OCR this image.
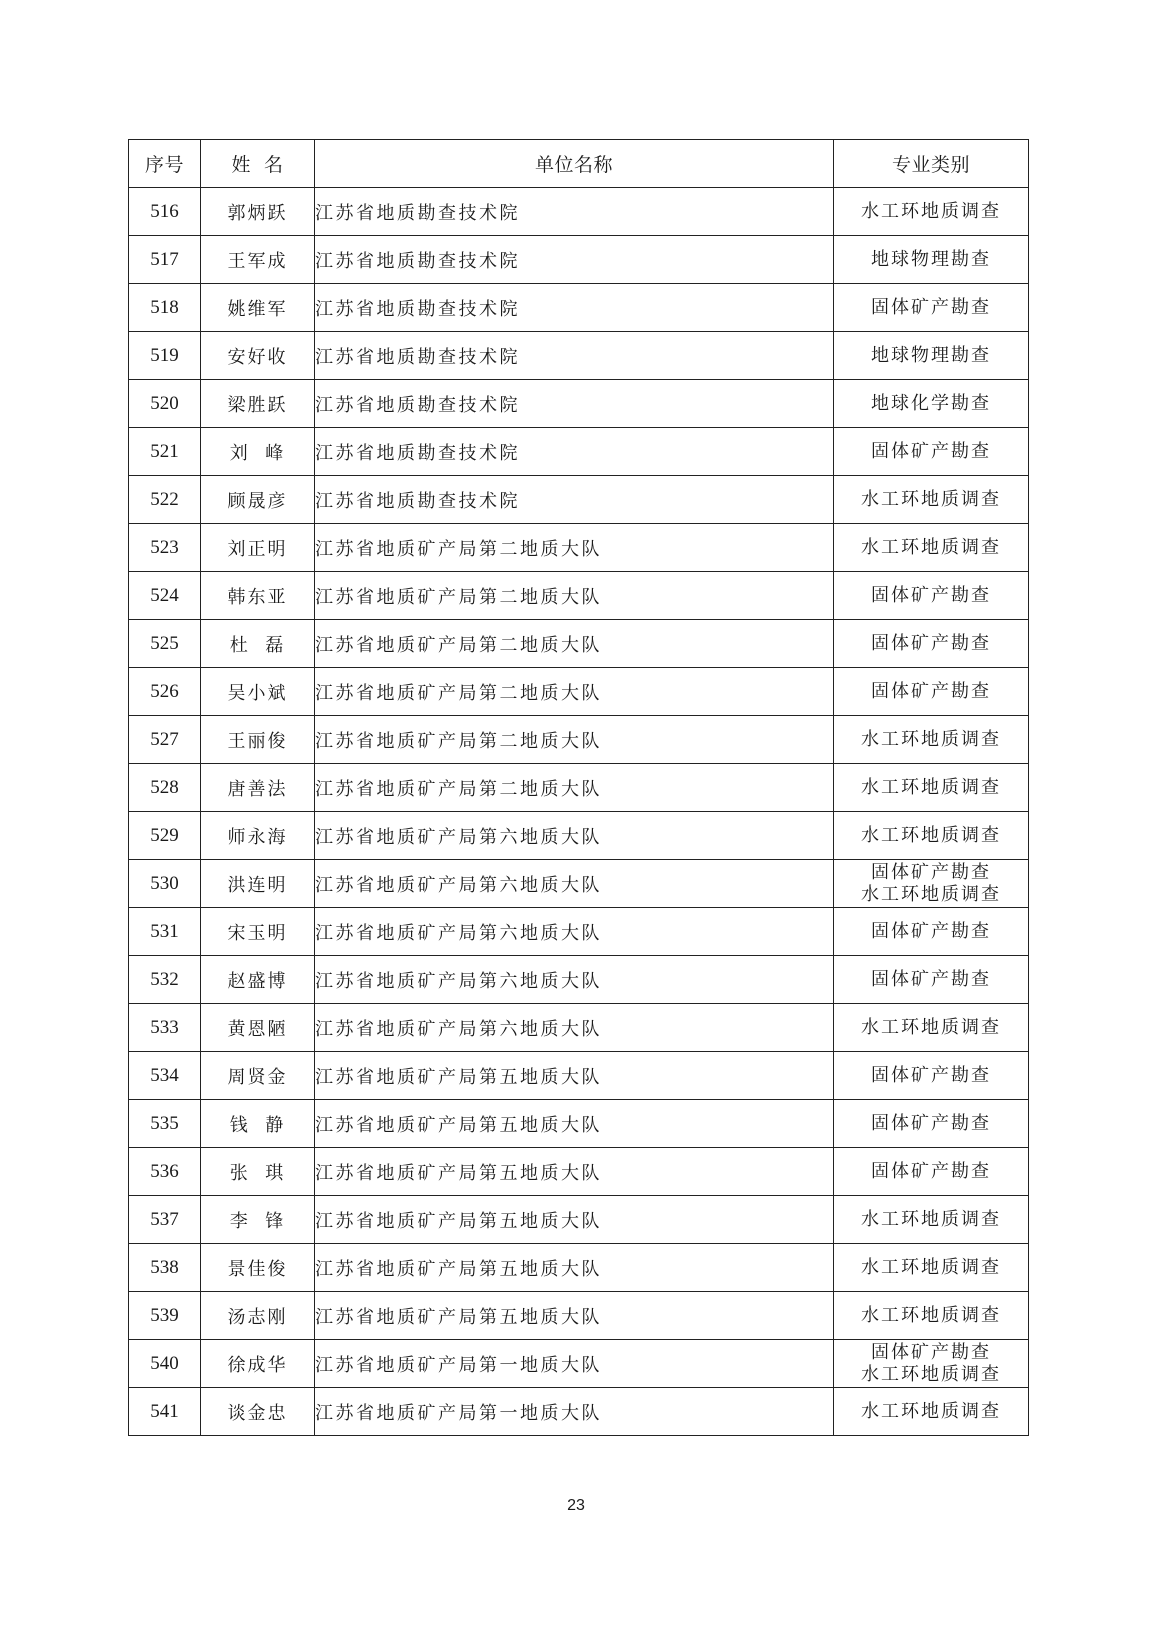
序号	姓  名	单位名称	专业类别
516	郭炳跃	江苏省地质勘查技术院	水工环地质调查

517	王军成	江苏省地质勘查技术院	地球物理勘查

518	姚维军	江苏省地质勘查技术院	固体矿产勘查

519	安好收	江苏省地质勘查技术院	地球物理勘查

520	梁胜跃	江苏省地质勘查技术院	地球化学勘查

521	刘  峰	江苏省地质勘查技术院	固体矿产勘查

522	顾晟彦	江苏省地质勘查技术院	水工环地质调查

523	刘正明	江苏省地质矿产局第二地质大队	水工环地质调查

524	韩东亚	江苏省地质矿产局第二地质大队	固体矿产勘查

525	杜  磊	江苏省地质矿产局第二地质大队	固体矿产勘查

526	吴小斌	江苏省地质矿产局第二地质大队	固体矿产勘查

527	王丽俊	江苏省地质矿产局第二地质大队	水工环地质调查

528	唐善法	江苏省地质矿产局第二地质大队	水工环地质调查

529	师永海	江苏省地质矿产局第六地质大队	水工环地质调查

530	洪连明	江苏省地质矿产局第六地质大队	固体矿产勘查
水工环地质调查

531	宋玉明	江苏省地质矿产局第六地质大队	固体矿产勘查

532	赵盛博	江苏省地质矿产局第六地质大队	固体矿产勘查

533	黄恩陋	江苏省地质矿产局第六地质大队	水工环地质调查

534	周贤金	江苏省地质矿产局第五地质大队	固体矿产勘查

535	钱  静	江苏省地质矿产局第五地质大队	固体矿产勘查

536	张  琪	江苏省地质矿产局第五地质大队	固体矿产勘查

537	李  锋	江苏省地质矿产局第五地质大队	水工环地质调查

538	景佳俊	江苏省地质矿产局第五地质大队	水工环地质调查

539	汤志刚	江苏省地质矿产局第五地质大队	水工环地质调查

540	徐成华	江苏省地质矿产局第一地质大队	固体矿产勘查
水工环地质调查

541	谈金忠	江苏省地质矿产局第一地质大队	水工环地质调查
23
